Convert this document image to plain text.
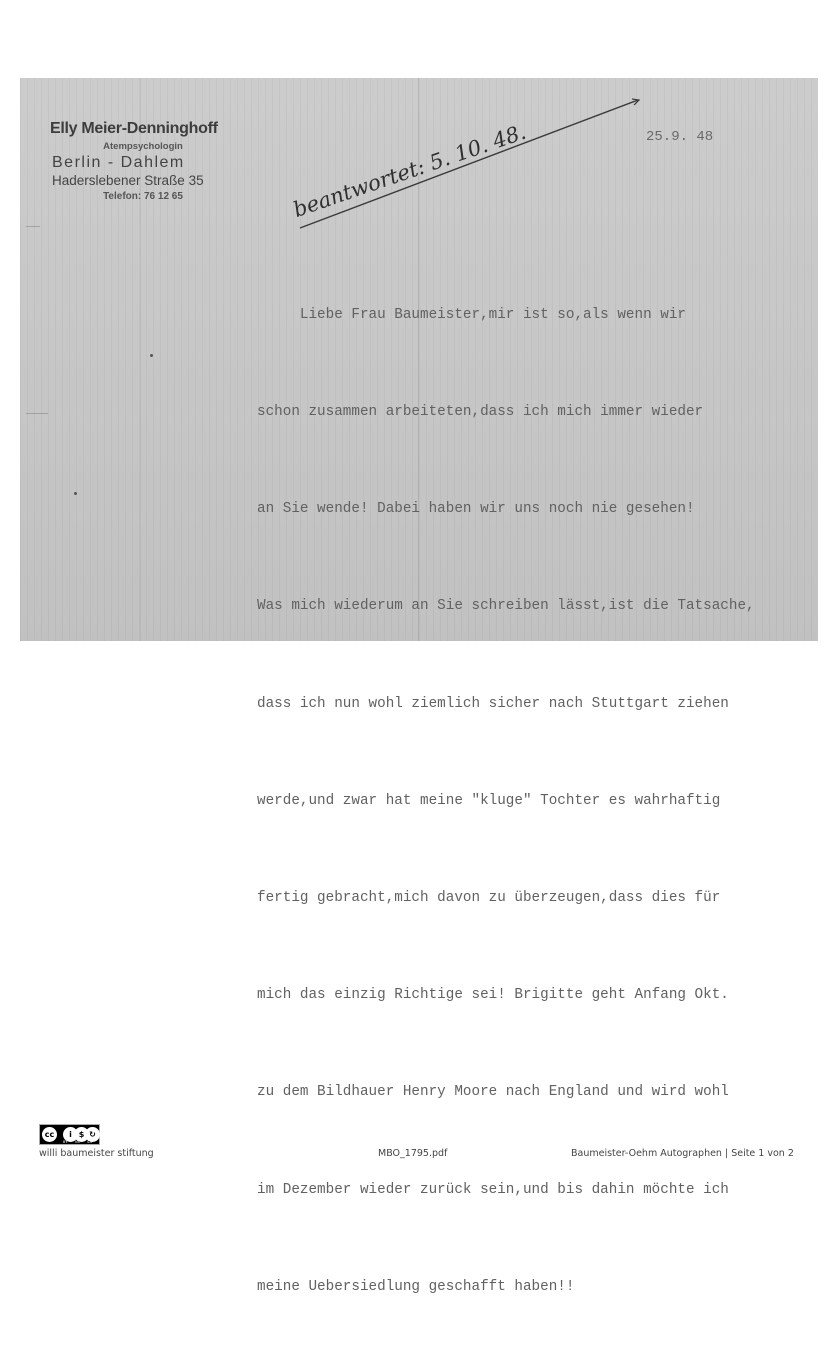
Elly Meier-Denninghoff
Atempsychologin
Berlin - Dahlem
Haderslebener Straße 35
Telefon: 76 12 65
25.9. 48
beantwortet: 5. 10. 48.

Liebe Frau Baumeister,mir ist so,als wenn wir

schon zusammen arbeiteten,dass ich mich immer wieder

an Sie wende! Dabei haben wir uns noch nie gesehen!

Was mich wiederum an Sie schreiben lässt,ist die Tatsache,

dass ich nun wohl ziemlich sicher nach Stuttgart ziehen

werde,und zwar hat meine "kluge" Tochter es wahrhaftig

fertig gebracht,mich davon zu überzeugen,dass dies für

mich das einzig Richtige sei! Brigitte geht Anfang Okt.

zu dem Bildhauer Henry Moore nach England und wird wohl

im Dezember wieder zurück sein,und bis dahin möchte ich

meine Uebersiedlung geschafft haben!!

cc	i $ ↻
BY NC SA
willi baumeister stiftung	MBO_1795.pdf	Baumeister-Oehm Autographen | Seite 1 von 2
